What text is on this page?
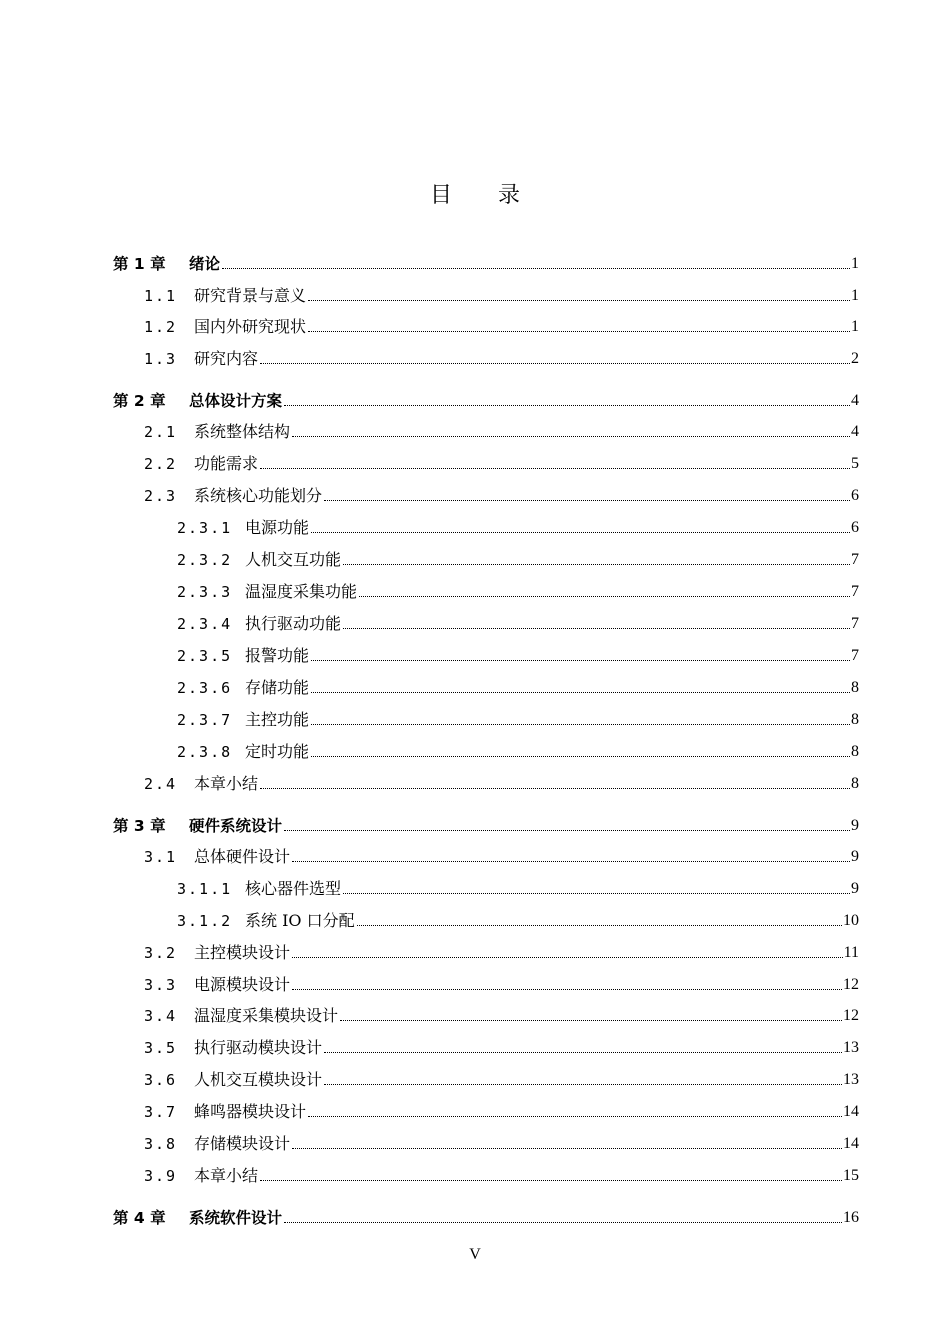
目录
第 1 章	绪论	1
1.1	研究背景与意义	1
1.2	国内外研究现状	1
1.3	研究内容	2
第 2 章	总体设计方案	4
2.1	系统整体结构	4
2.2	功能需求	5
2.3	系统核心功能划分	6
2.3.1 电源功能	6
2.3.2 人机交互功能	7
2.3.3 温湿度采集功能	7
2.3.4 执行驱动功能	7
2.3.5 报警功能	7
2.3.6 存储功能	8
2.3.7 主控功能	8
2.3.8 定时功能	8
2.4	本章小结	8
第 3 章	硬件系统设计	9
3.1	总体硬件设计	9
3.1.1 核心器件选型	9
3.1.2 系统 IO 口分配	10
3.2	主控模块设计	11
3.3	电源模块设计	12
3.4	温湿度采集模块设计	12
3.5	执行驱动模块设计	13
3.6	人机交互模块设计	13
3.7	蜂鸣器模块设计	14
3.8	存储模块设计	14
3.9	本章小结	15
第 4 章	系统软件设计	16
V
